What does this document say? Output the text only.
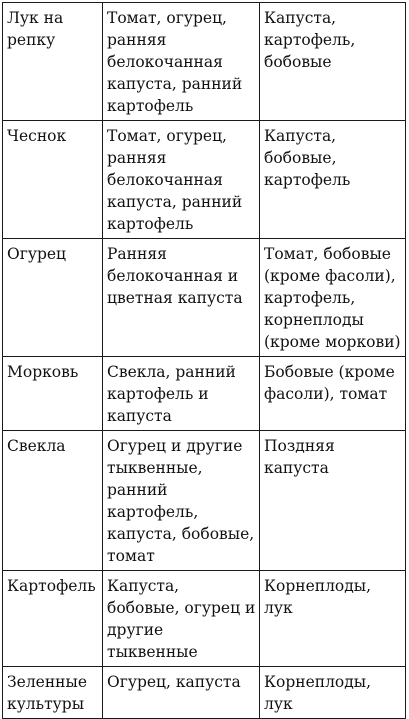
Лук на репку	Томат, огурец, ранняя белокочанная капуста, ранний картофель	Капуста, картофель, бобовые
Чеснок	Томат, огурец, ранняя белокочанная капуста, ранний картофель	Капуста, бобовые, картофель
Огурец	Ранняя белокочанная и цветная капуста	Томат, бобовые (кроме фасоли), картофель, корнеплоды (кроме моркови)
Морковь	Свекла, ранний картофель и капуста	Бобовые (кроме фасоли), томат
Свекла	Огурец и другие тыквенные, ранний картофель, капуста, бобовые, томат	Поздняя капуста
Картофель	Капуста, бобовые, огурец и другие тыквенные	Корнеплоды, лук
Зеленные культуры	Огурец, капуста	Корнеплоды, лук
